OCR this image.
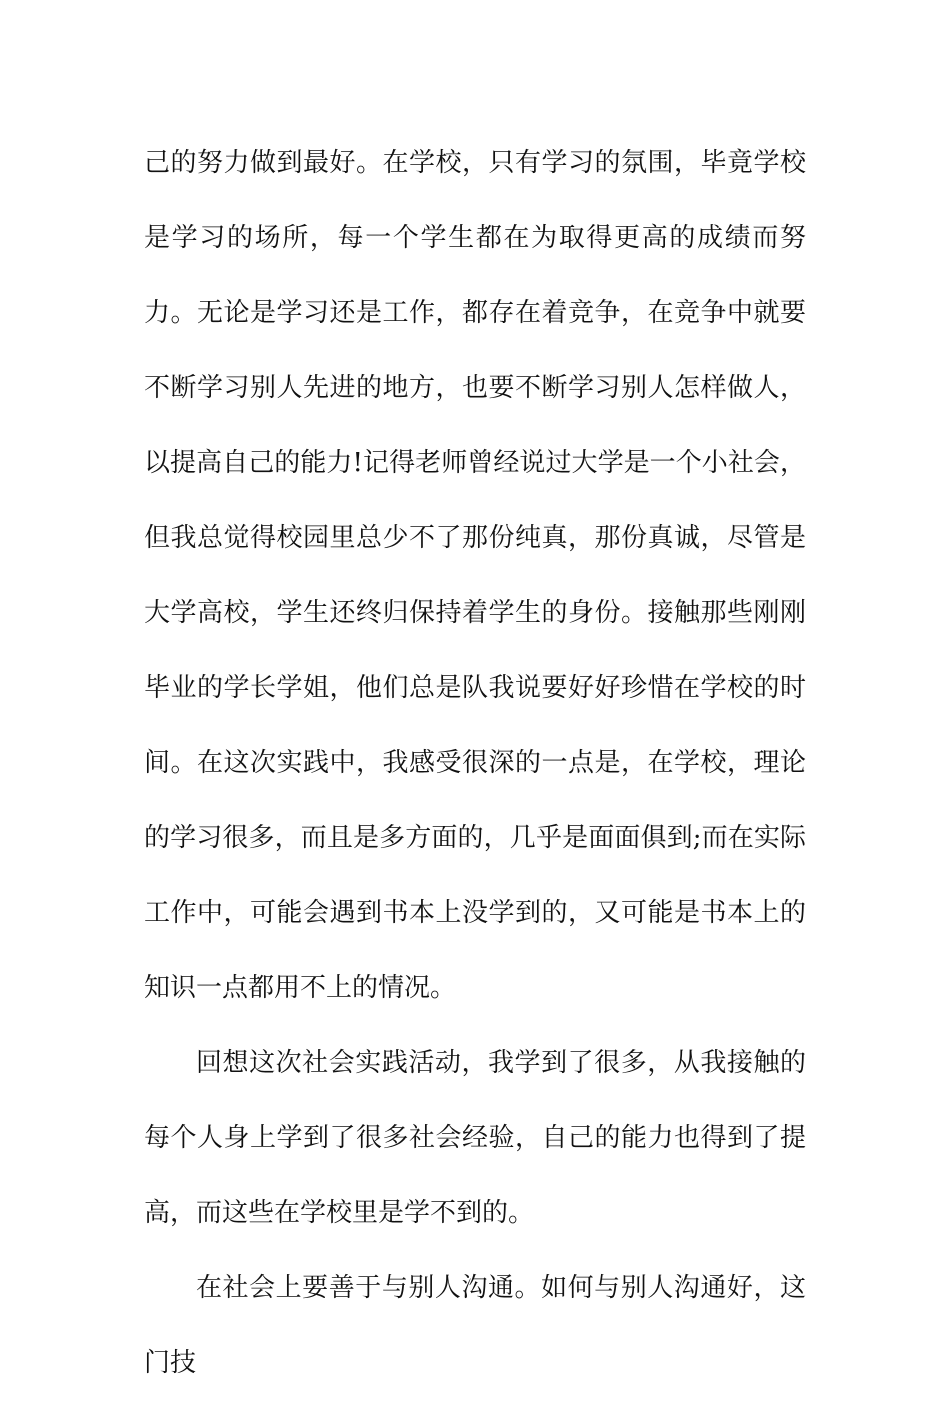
己的努力做到最好。在学校，只有学习的氛围，毕竟学校是学习的场所，每一个学生都在为取得更高的成绩而努力。无论是学习还是工作，都存在着竞争，在竞争中就要不断学习别人先进的地方，也要不断学习别人怎样做人，以提高自己的能力!记得老师曾经说过大学是一个小社会，但我总觉得校园里总少不了那份纯真，那份真诚，尽管是大学高校，学生还终归保持着学生的身份。接触那些刚刚毕业的学长学姐，他们总是队我说要好好珍惜在学校的时间。在这次实践中，我感受很深的一点是，在学校，理论的学习很多，而且是多方面的，几乎是面面俱到;而在实际工作中，可能会遇到书本上没学到的，又可能是书本上的知识一点都用不上的情况。

回想这次社会实践活动，我学到了很多，从我接触的每个人身上学到了很多社会经验，自己的能力也得到了提高，而这些在学校里是学不到的。

在社会上要善于与别人沟通。如何与别人沟通好，这门技
